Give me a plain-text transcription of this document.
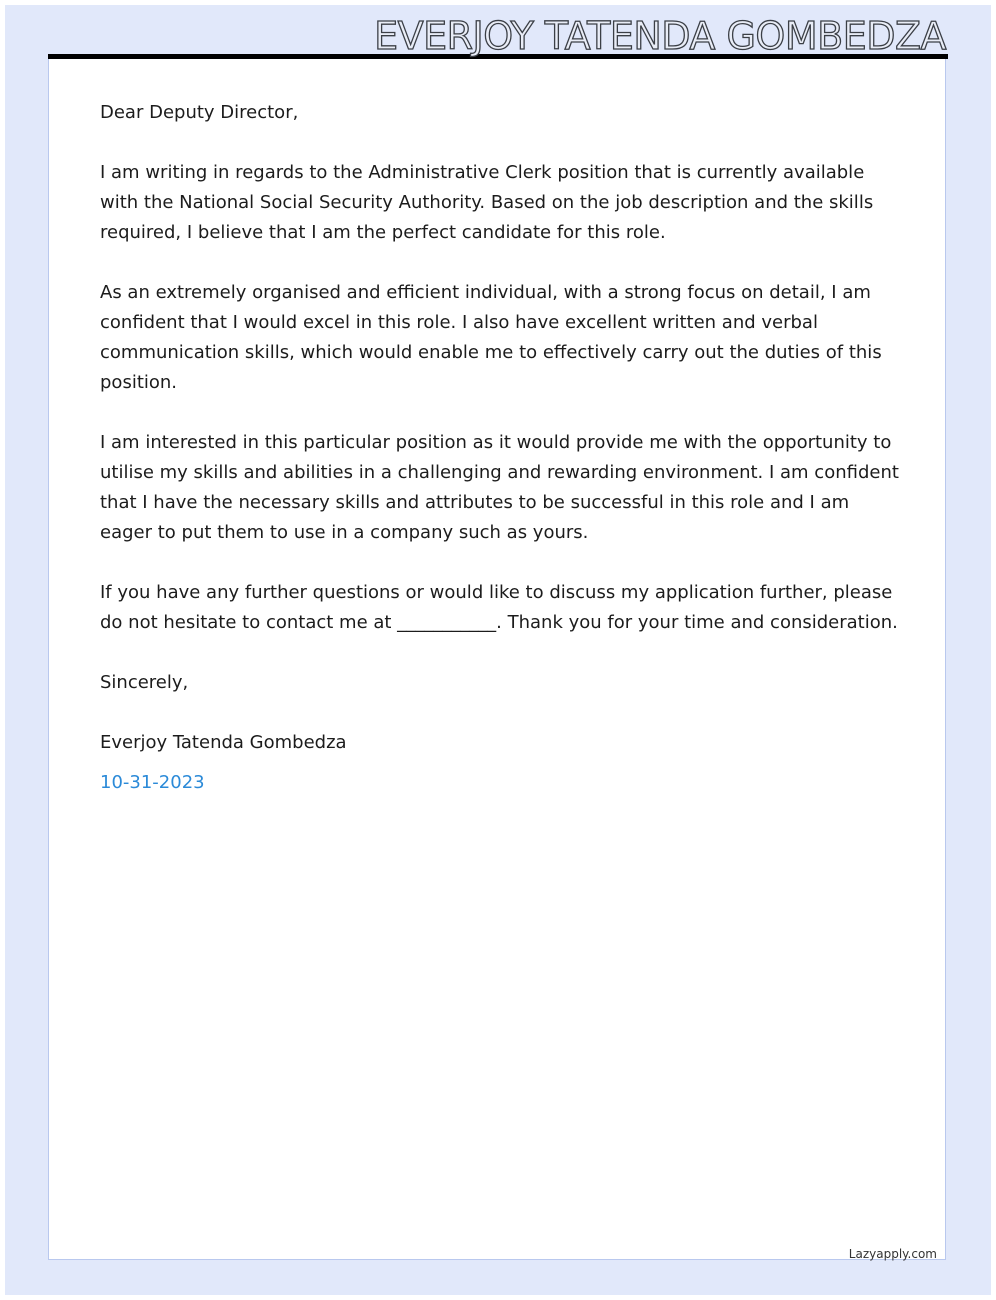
EVERJOY TATENDA GOMBEDZA

Dear Deputy Director,

I am writing in regards to the Administrative Clerk position that is currently available with the National Social Security Authority. Based on the job description and the skills required, I believe that I am the perfect candidate for this role.

As an extremely organised and efficient individual, with a strong focus on detail, I am confident that I would excel in this role. I also have excellent written and verbal communication skills, which would enable me to effectively carry out the duties of this position.

I am interested in this particular position as it would provide me with the opportunity to utilise my skills and abilities in a challenging and rewarding environment. I am confident that I have the necessary skills and attributes to be successful in this role and I am eager to put them to use in a company such as yours.

If you have any further questions or would like to discuss my application further, please do not hesitate to contact me at ___________. Thank you for your time and consideration.

Sincerely,

Everjoy Tatenda Gombedza

10-31-2023

Lazyapply.com
